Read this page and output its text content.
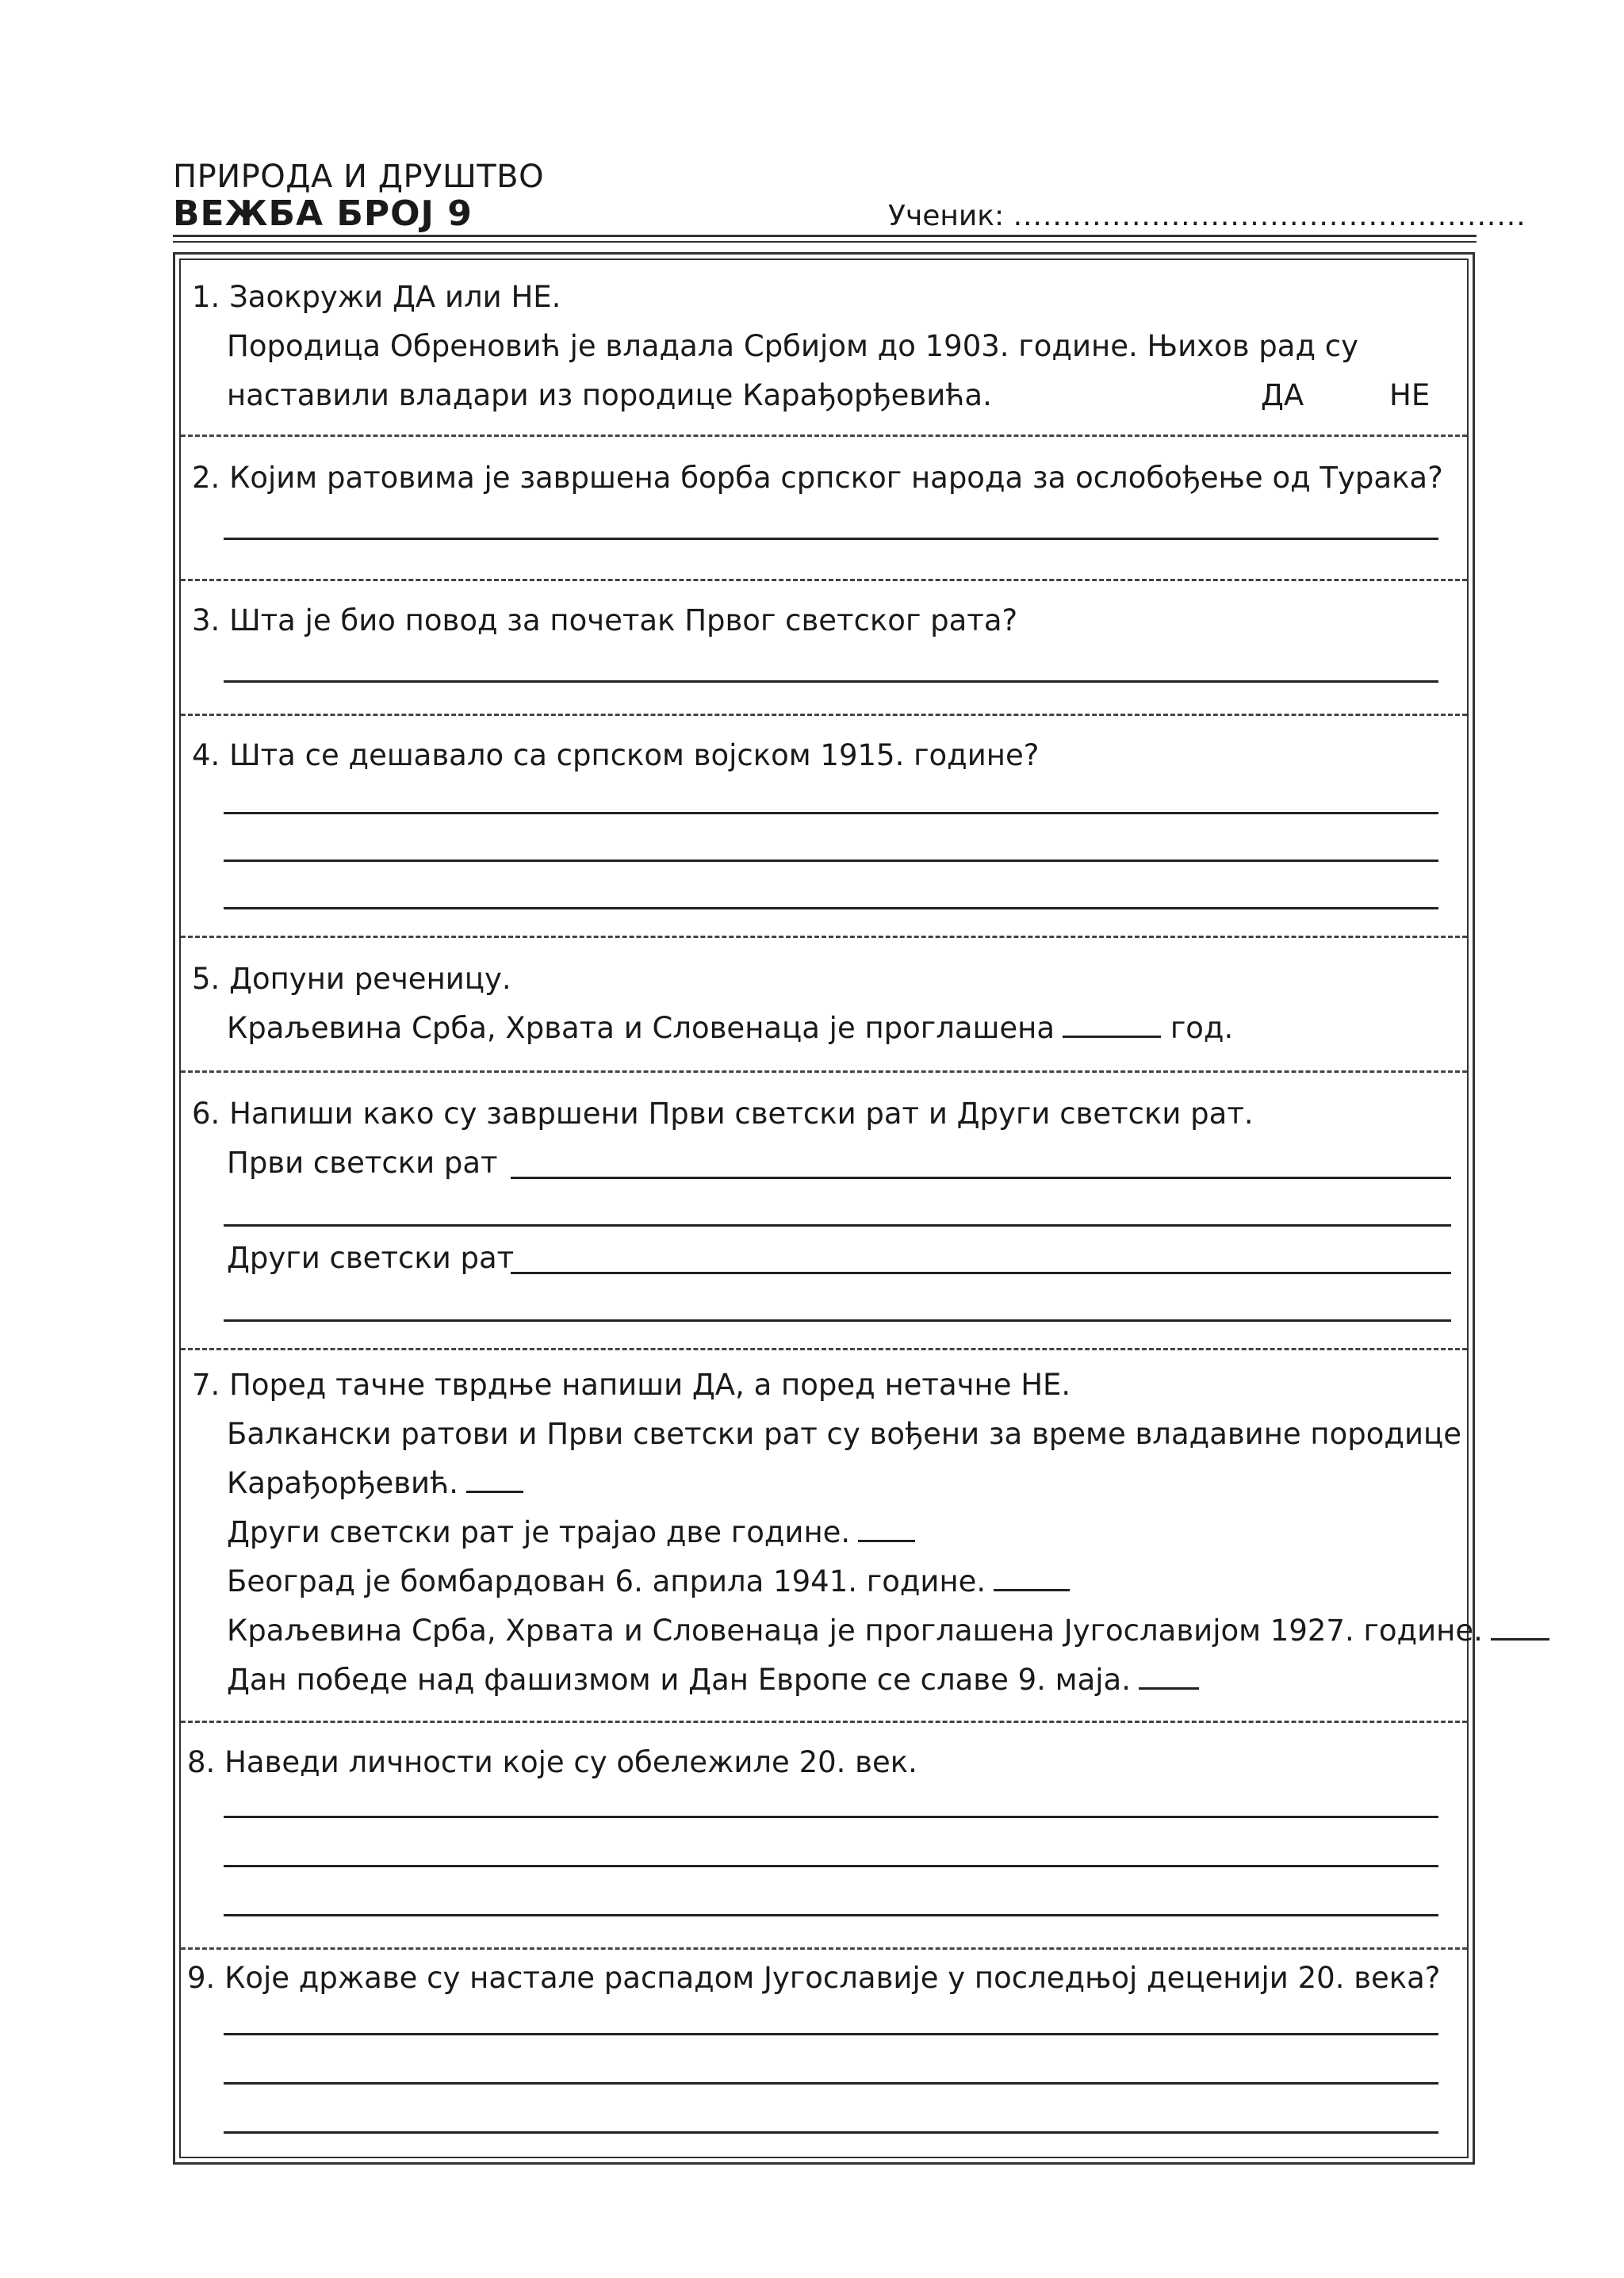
ПРИРОДА И ДРУШТВО
ВЕЖБА БРОЈ 9	Ученик: ....................................................
1. Заокружи ДА или НЕ.
Породица Обреновић је владала Србијом до 1903. године. Њихов рад су
наставили владари из породице Карађорђевића.	ДА	НЕ
2. Којим ратовима је завршена борба српског народа за ослобођење од Турака?
3. Шта је био повод за почетак Првог светског рата?
4. Шта се дешавало са српском војском 1915. године?
5. Допуни реченицу.
Краљевина Срба, Хрвата и Словенаца је проглашена	год.
6. Напиши како су завршени Први светски рат и Други светски рат.
Први светски рат
Други светски рат
7. Поред тачне тврдње напиши ДА, а поред нетачне НЕ.
Балкански ратови и Први светски рат су вођени за време владавине породице
Карађорђевић.
Други светски рат је трајао две године.
Београд је бомбардован 6. априла 1941. године.
Краљевина Срба, Хрвата и Словенаца је проглашена Југославијом 1927. године.
Дан победе над фашизмом и Дан Европе се славе 9. маја.
8. Наведи личности које су обележиле 20. век.
9. Које државе су настале распадом Југославије у последњој деценији 20. века?
